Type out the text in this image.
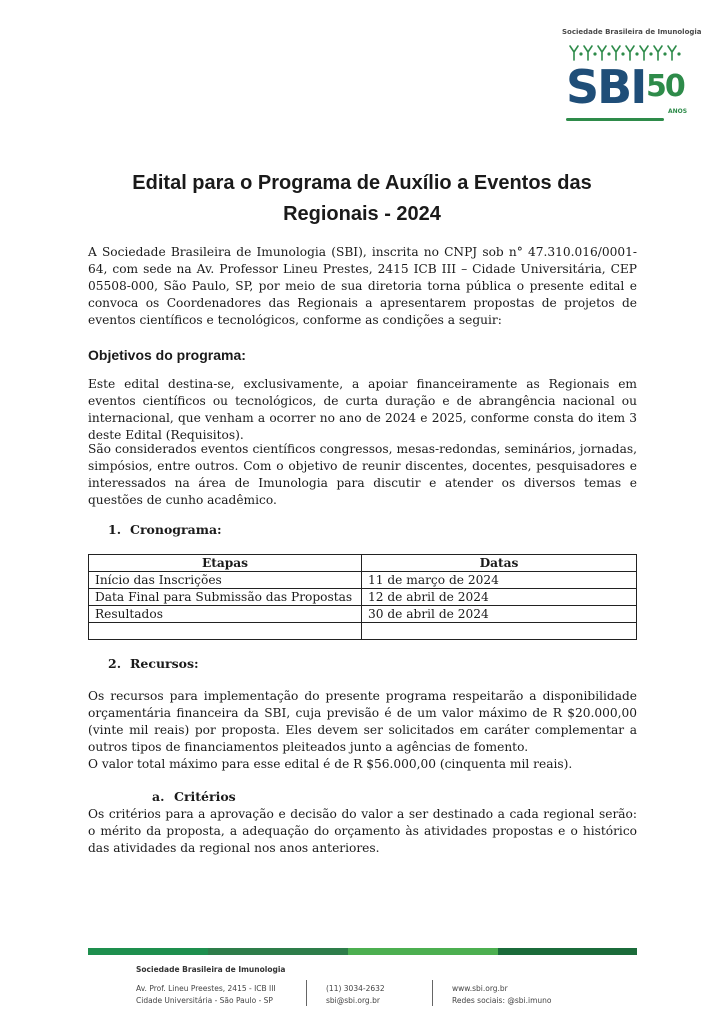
Sociedade Brasileira de Imunologia
SBI 50
ANOS
Edital para o Programa de Auxílio a Eventos das
Regionais - 2024
A Sociedade Brasileira de Imunologia (SBI), inscrita no CNPJ sob n° 47.310.016/0001-64, com sede na Av. Professor Lineu Prestes, 2415 ICB III – Cidade Universitária, CEP 05508-000, São Paulo, SP, por meio de sua diretoria torna pública o presente edital e convoca os Coordenadores das Regionais a apresentarem propostas de projetos de eventos científicos e tecnológicos, conforme as condições a seguir:
Objetivos do programa:
Este edital destina-se, exclusivamente, a apoiar financeiramente as Regionais em eventos científicos ou tecnológicos, de curta duração e de abrangência nacional ou internacional, que venham a ocorrer no ano de 2024 e 2025, conforme consta do item 3 deste Edital (Requisitos).
São considerados eventos científicos congressos, mesas-redondas, seminários, jornadas, simpósios, entre outros. Com o objetivo de reunir discentes, docentes, pesquisadores e interessados na área de Imunologia para discutir e atender os diversos temas e questões de cunho acadêmico.
1. Cronograma:
Etapas	Datas
Início das Inscrições	11 de março de 2024
Data Final para Submissão das Propostas	12 de abril de 2024
Resultados	30 de abril de 2024

2. Recursos:
Os recursos para implementação do presente programa respeitarão a disponibilidade orçamentária financeira da SBI, cuja previsão é de um valor máximo de R $20.000,00 (vinte mil reais) por proposta. Eles devem ser solicitados em caráter complementar a outros tipos de financiamentos pleiteados junto a agências de fomento.
O valor total máximo para esse edital é de R $56.000,00 (cinquenta mil reais).
a. Critérios
Os critérios para a aprovação e decisão do valor a ser destinado a cada regional serão: o mérito da proposta, a adequação do orçamento às atividades propostas e o histórico das atividades da regional nos anos anteriores.
Sociedade Brasileira de Imunologia
Av. Prof. Lineu Preestes, 2415 - ICB III
Cidade Universitária - São Paulo - SP
(11) 3034-2632
sbi@sbi.org.br
www.sbi.org.br
Redes sociais: @sbi.imuno
